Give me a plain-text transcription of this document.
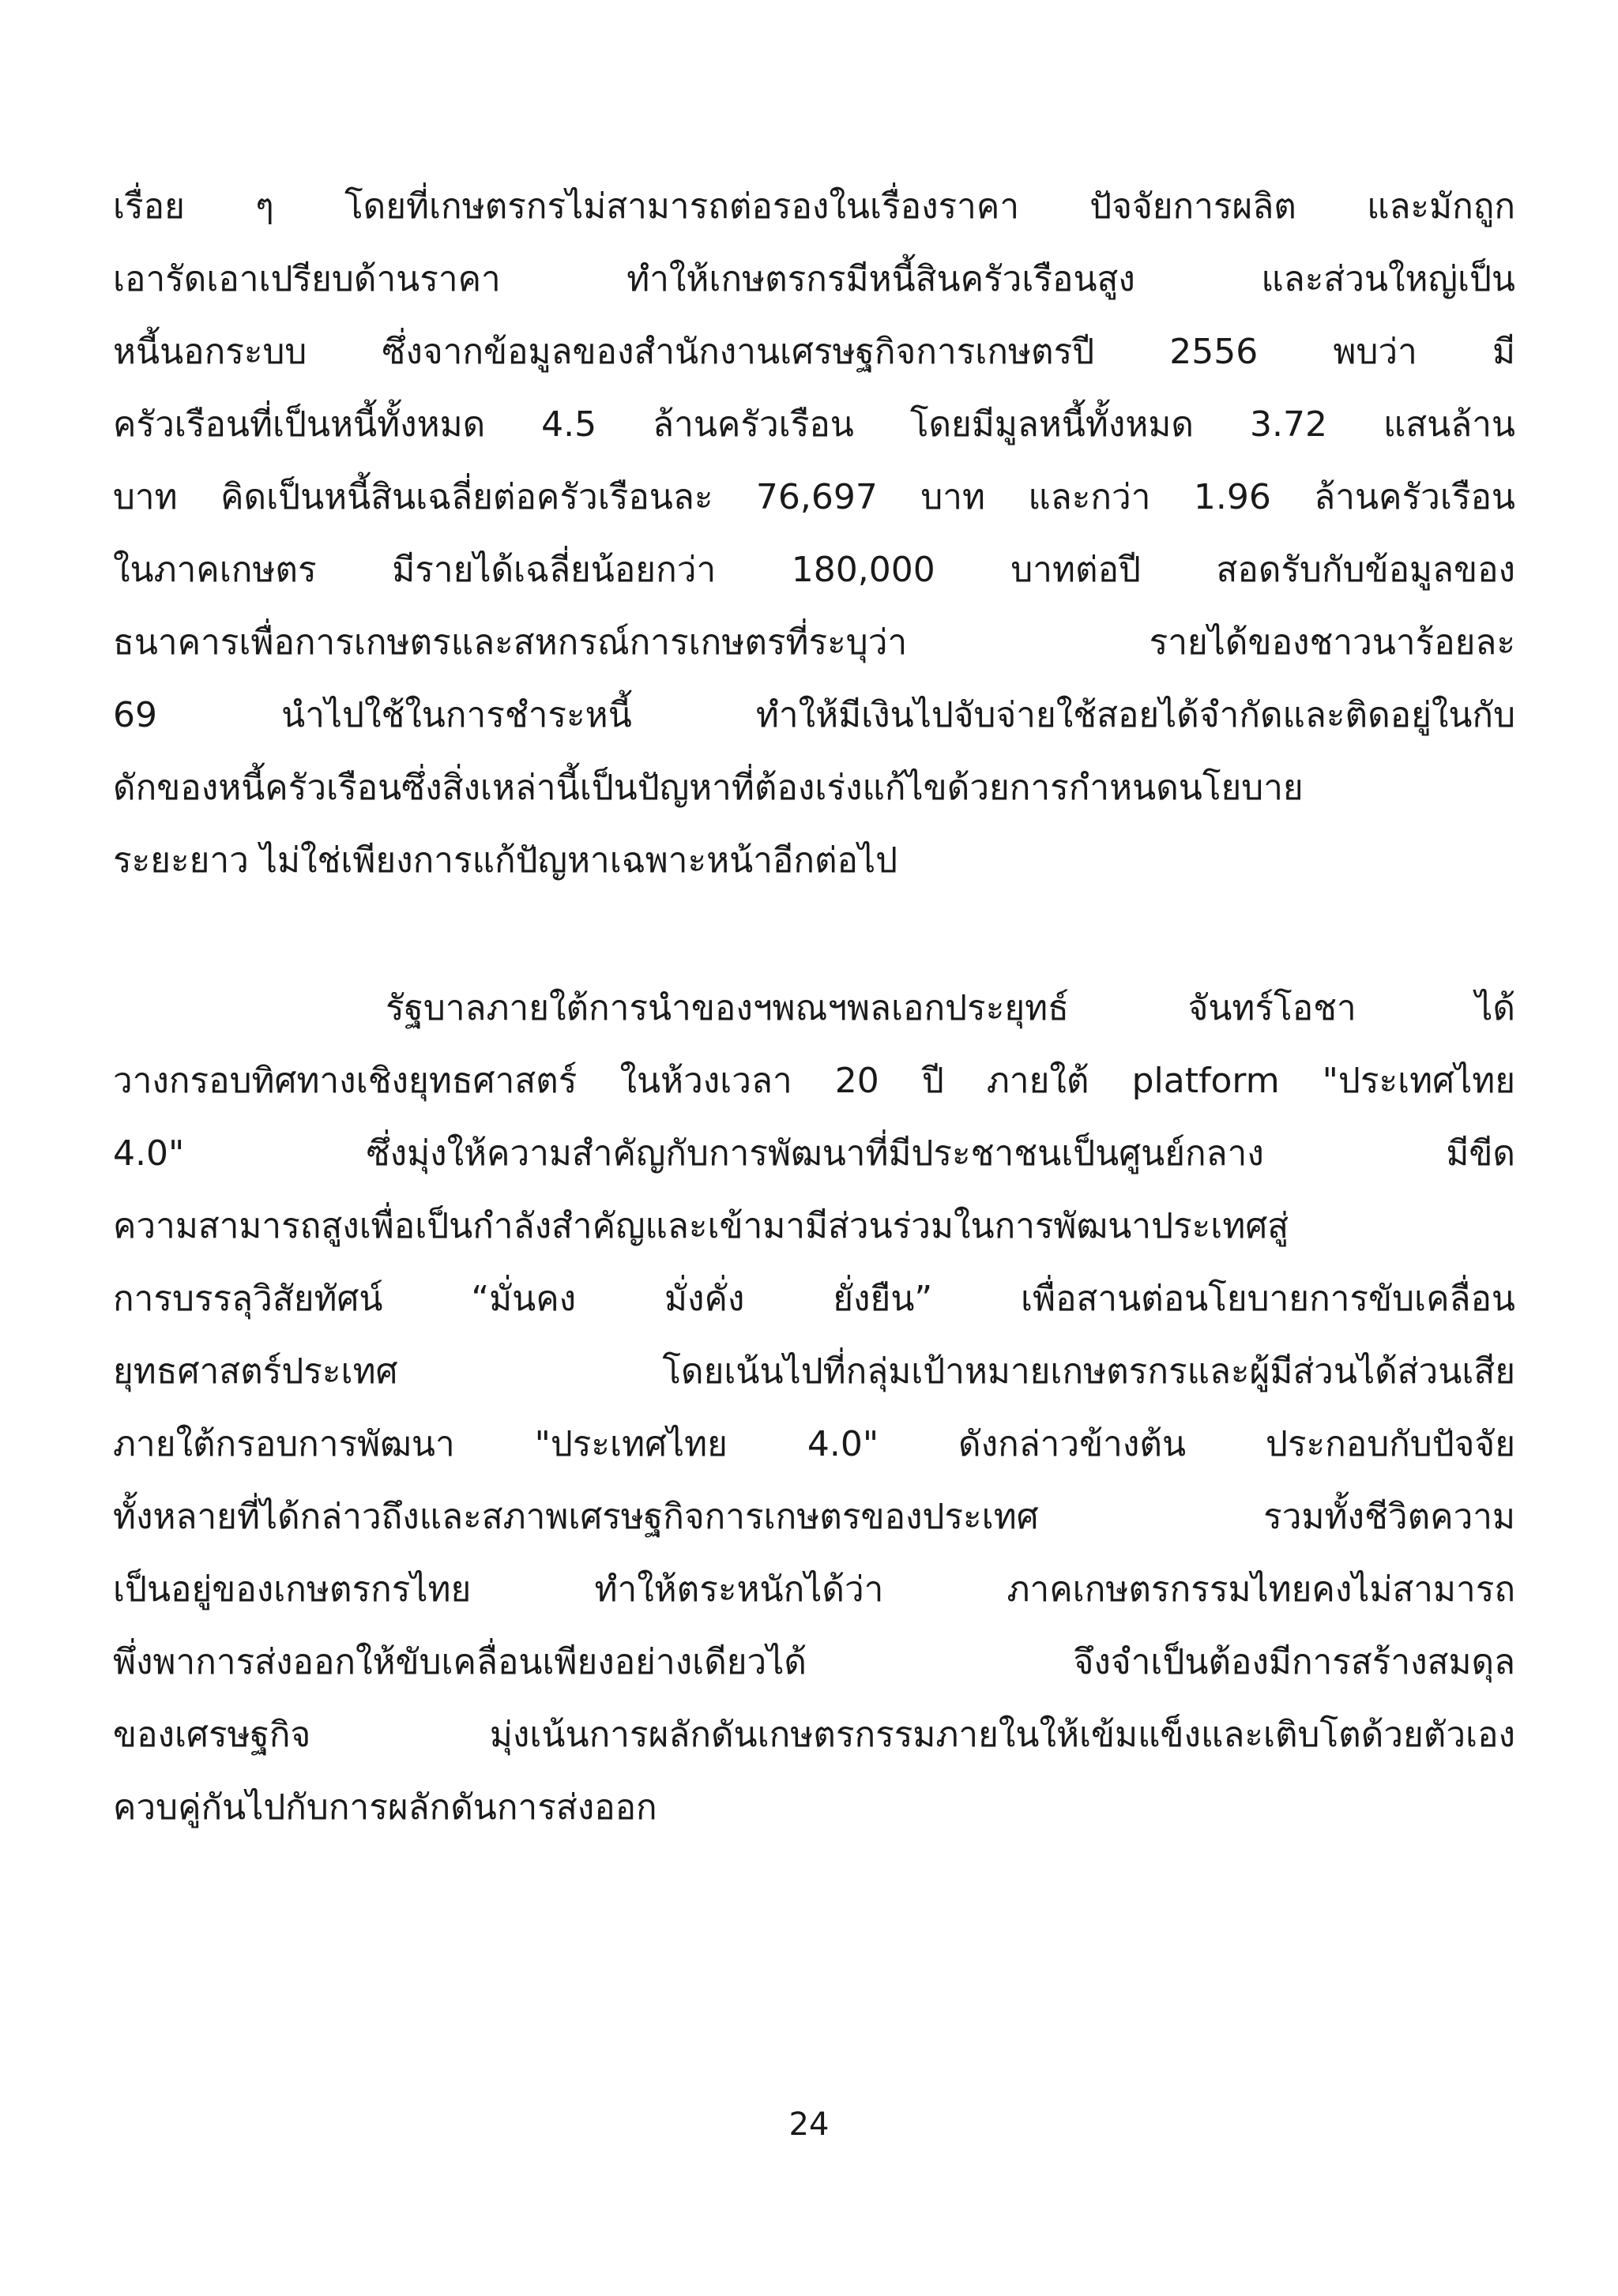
เรื่อย ๆ โดยที่เกษตรกรไม่สามารถต่อรองในเรื่องราคา ปัจจัยการผลิต และมักถูก
เอารัดเอาเปรียบด้านราคา ทำให้เกษตรกรมีหนี้สินครัวเรือนสูง และส่วนใหญ่เป็น
หนี้นอกระบบ ซึ่งจากข้อมูลของสำนักงานเศรษฐกิจการเกษตรปี 2556 พบว่า มี
ครัวเรือนที่เป็นหนี้ทั้งหมด 4.5 ล้านครัวเรือน โดยมีมูลหนี้ทั้งหมด 3.72 แสนล้าน
บาท คิดเป็นหนี้สินเฉลี่ยต่อครัวเรือนละ 76,697 บาท และกว่า 1.96 ล้านครัวเรือน
ในภาคเกษตร มีรายได้เฉลี่ยน้อยกว่า 180,000 บาทต่อปี สอดรับกับข้อมูลของ
ธนาคารเพื่อการเกษตรและสหกรณ์การเกษตรที่ระบุว่า รายได้ของชาวนาร้อยละ
69 นำไปใช้ในการชำระหนี้ ทำให้มีเงินไปจับจ่ายใช้สอยได้จำกัดและติดอยู่ในกับ
ดักของหนี้ครัวเรือนซึ่งสิ่งเหล่านี้เป็นปัญหาที่ต้องเร่งแก้ไขด้วยการกำหนดนโยบาย
ระยะยาว ไม่ใช่เพียงการแก้ปัญหาเฉพาะหน้าอีกต่อไป
รัฐบาลภายใต้การนำของฯพณฯพลเอกประยุทธ์ จันทร์โอชา ได้
วางกรอบทิศทางเชิงยุทธศาสตร์ ในห้วงเวลา 20 ปี ภายใต้ platform "ประเทศไทย
4.0" ซึ่งมุ่งให้ความสำคัญกับการพัฒนาที่มีประชาชนเป็นศูนย์กลาง มีขีด
ความสามารถสูงเพื่อเป็นกำลังสำคัญและเข้ามามีส่วนร่วมในการพัฒนาประเทศสู่
การบรรลุวิสัยทัศน์ “มั่นคง มั่งคั่ง ยั่งยืน” เพื่อสานต่อนโยบายการขับเคลื่อน
ยุทธศาสตร์ประเทศ โดยเน้นไปที่กลุ่มเป้าหมายเกษตรกรและผู้มีส่วนได้ส่วนเสีย
ภายใต้กรอบการพัฒนา "ประเทศไทย 4.0" ดังกล่าวข้างต้น ประกอบกับปัจจัย
ทั้งหลายที่ได้กล่าวถึงและสภาพเศรษฐกิจการเกษตรของประเทศ รวมทั้งชีวิตความ
เป็นอยู่ของเกษตรกรไทย ทำให้ตระหนักได้ว่า ภาคเกษตรกรรมไทยคงไม่สามารถ
พึ่งพาการส่งออกให้ขับเคลื่อนเพียงอย่างเดียวได้ จึงจำเป็นต้องมีการสร้างสมดุล
ของเศรษฐกิจ มุ่งเน้นการผลักดันเกษตรกรรมภายในให้เข้มแข็งและเติบโตด้วยตัวเอง
ควบคู่กันไปกับการผลักดันการส่งออก
24
